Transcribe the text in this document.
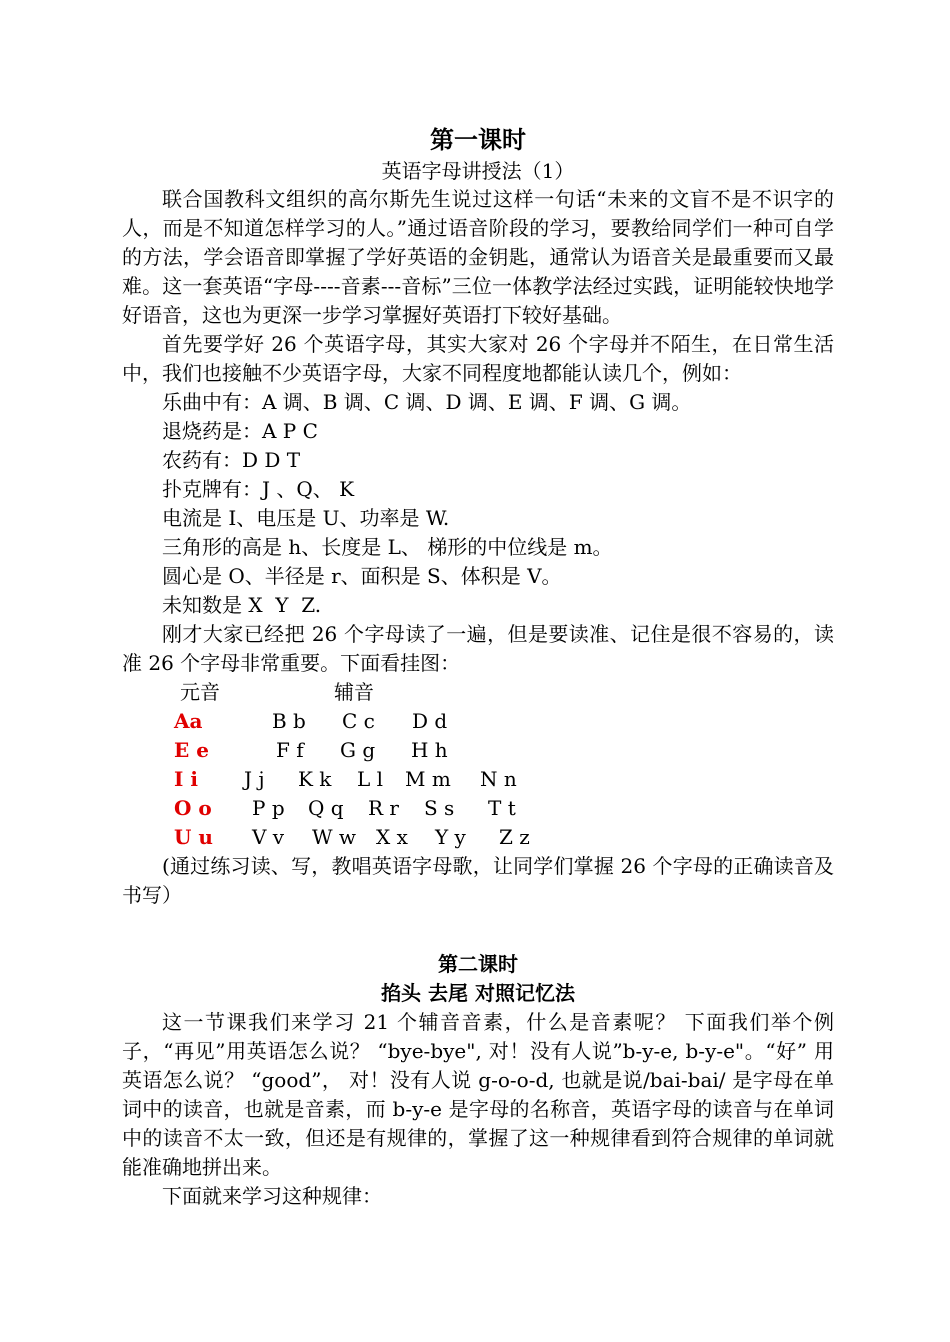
第一课时
英语字母讲授法（1）

联合国教科文组织的高尔斯先生说过这样一句话“未来的文盲不是不识字的人，而是不知道怎样学习的人。”通过语音阶段的学习，要教给同学们一种可自学的方法，学会语音即掌握了学好英语的金钥匙，通常认为语音关是最重要而又最难。这一套英语“字母----音素---音标”三位一体教学法经过实践，证明能较快地学好语音，这也为更深一步学习掌握好英语打下较好基础。

首先要学好 26 个英语字母，其实大家对 26 个字母并不陌生，在日常生活中，我们也接触不少英语字母，大家不同程度地都能认读几个，例如：

乐曲中有：A 调、B 调、C 调、D 调、E 调、F 调、G 调。
退烧药是：A P C
农药有：D D T
扑克牌有：J 、Q、 K
电流是 I、电压是 U、功率是 W.
三角形的高是 h、长度是 L、 梯形的中位线是 m。
圆心是 O、半径是 r、面积是 S、体积是 V。
未知数是 X  Y  Z.

刚才大家已经把 26 个字母读了一遍，但是要读准、记住是很不容易的，读准 26 个字母非常重要。下面看挂图：

元音	辅音
Aa	B b C c D d
E e	F f G g H h
I i J j K k L l M m N n
O o P p Q q R r S s T t
U u V v W w X x Y y Z z

(通过练习读、写，教唱英语字母歌，让同学们掌握 26 个字母的正确读音及书写）

第二课时
掐头 去尾 对照记忆法

这一节课我们来学习 21 个辅音音素，什么是音素呢？ 下面我们举个例子，“再见”用英语怎么说？ “bye-bye", 对！没有人说”b-y-e, b-y-e"。“好” 用英语怎么说？ “good”， 对！没有人说 g-o-o-d, 也就是说/bai-bai/ 是字母在单词中的读音，也就是音素，而 b-y-e 是字母的名称音，英语字母的读音与在单词中的读音不太一致，但还是有规律的，掌握了这一种规律看到符合规律的单词就能准确地拼出来。

下面就来学习这种规律：
